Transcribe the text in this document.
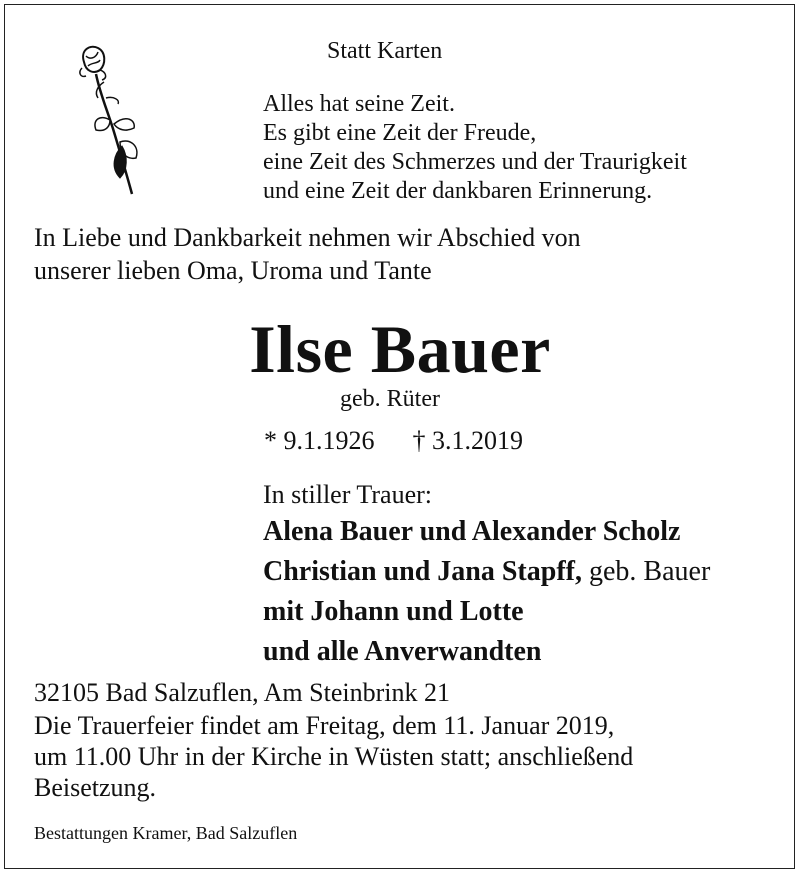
Statt Karten
Alles hat seine Zeit.
Es gibt eine Zeit der Freude,
eine Zeit des Schmerzes und der Traurigkeit
und eine Zeit der dankbaren Erinnerung.
In Liebe und Dankbarkeit nehmen wir Abschied von
unserer lieben Oma, Uroma und Tante
Ilse Bauer
geb. Rüter
* 9.1.1926 † 3.1.2019
In stiller Trauer:
Alena Bauer und Alexander Scholz
Christian und Jana Stapff, geb. Bauer
mit Johann und Lotte
und alle Anverwandten
32105 Bad Salzuflen, Am Steinbrink 21
Die Trauerfeier findet am Freitag, dem 11. Januar 2019,
um 11.00 Uhr in der Kirche in Wüsten statt; anschließend
Beisetzung.
Bestattungen Kramer, Bad Salzuflen
